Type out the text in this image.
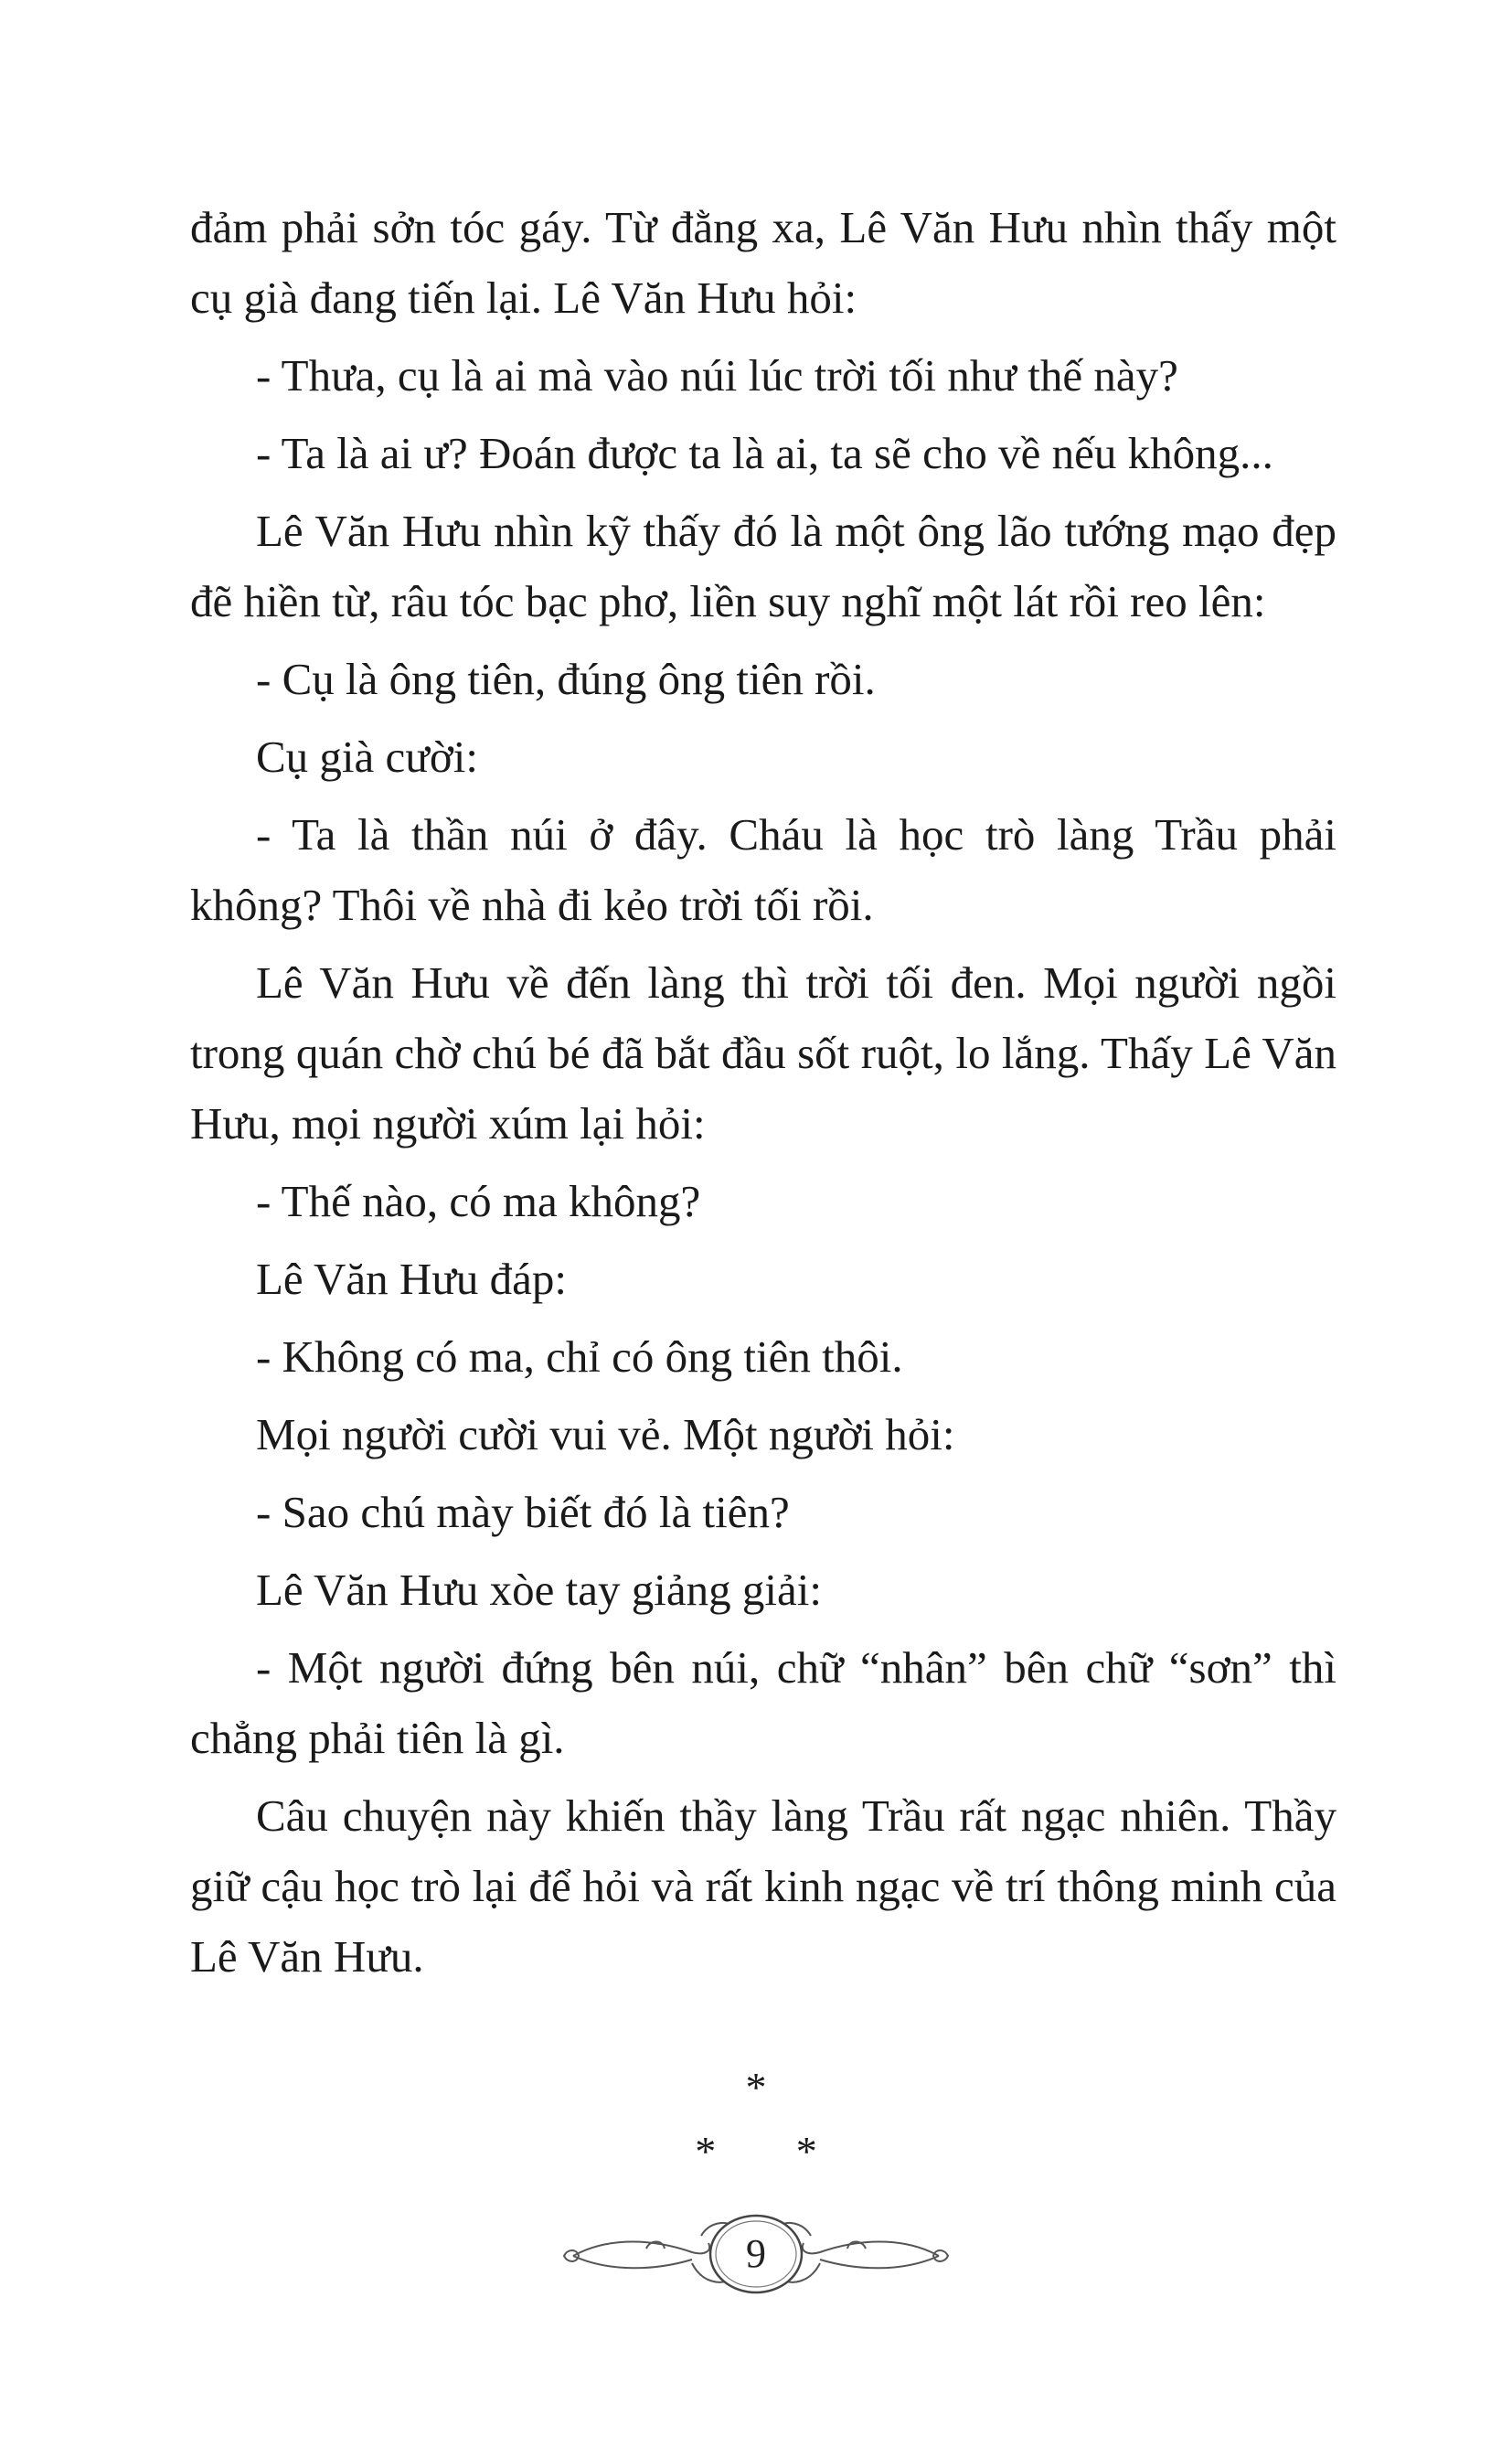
đảm phải sởn tóc gáy. Từ đằng xa, Lê Văn Hưu nhìn thấy một cụ già đang tiến lại. Lê Văn Hưu hỏi:

- Thưa, cụ là ai mà vào núi lúc trời tối như thế này?

- Ta là ai ư? Đoán được ta là ai, ta sẽ cho về nếu không...

Lê Văn Hưu nhìn kỹ thấy đó là một ông lão tướng mạo đẹp đẽ hiền từ, râu tóc bạc phơ, liền suy nghĩ một lát rồi reo lên:

- Cụ là ông tiên, đúng ông tiên rồi.

Cụ già cười:

- Ta là thần núi ở đây. Cháu là học trò làng Trầu phải không? Thôi về nhà đi kẻo trời tối rồi.

Lê Văn Hưu về đến làng thì trời tối đen. Mọi người ngồi trong quán chờ chú bé đã bắt đầu sốt ruột, lo lắng. Thấy Lê Văn Hưu, mọi người xúm lại hỏi:

- Thế nào, có ma không?

Lê Văn Hưu đáp:

- Không có ma, chỉ có ông tiên thôi.

Mọi người cười vui vẻ. Một người hỏi:

- Sao chú mày biết đó là tiên?

Lê Văn Hưu xòe tay giảng giải:

- Một người đứng bên núi, chữ “nhân” bên chữ “sơn” thì chẳng phải tiên là gì.

Câu chuyện này khiến thầy làng Trầu rất ngạc nhiên. Thầy giữ cậu học trò lại để hỏi và rất kinh ngạc về trí thông minh của Lê Văn Hưu.

*
* *
9
